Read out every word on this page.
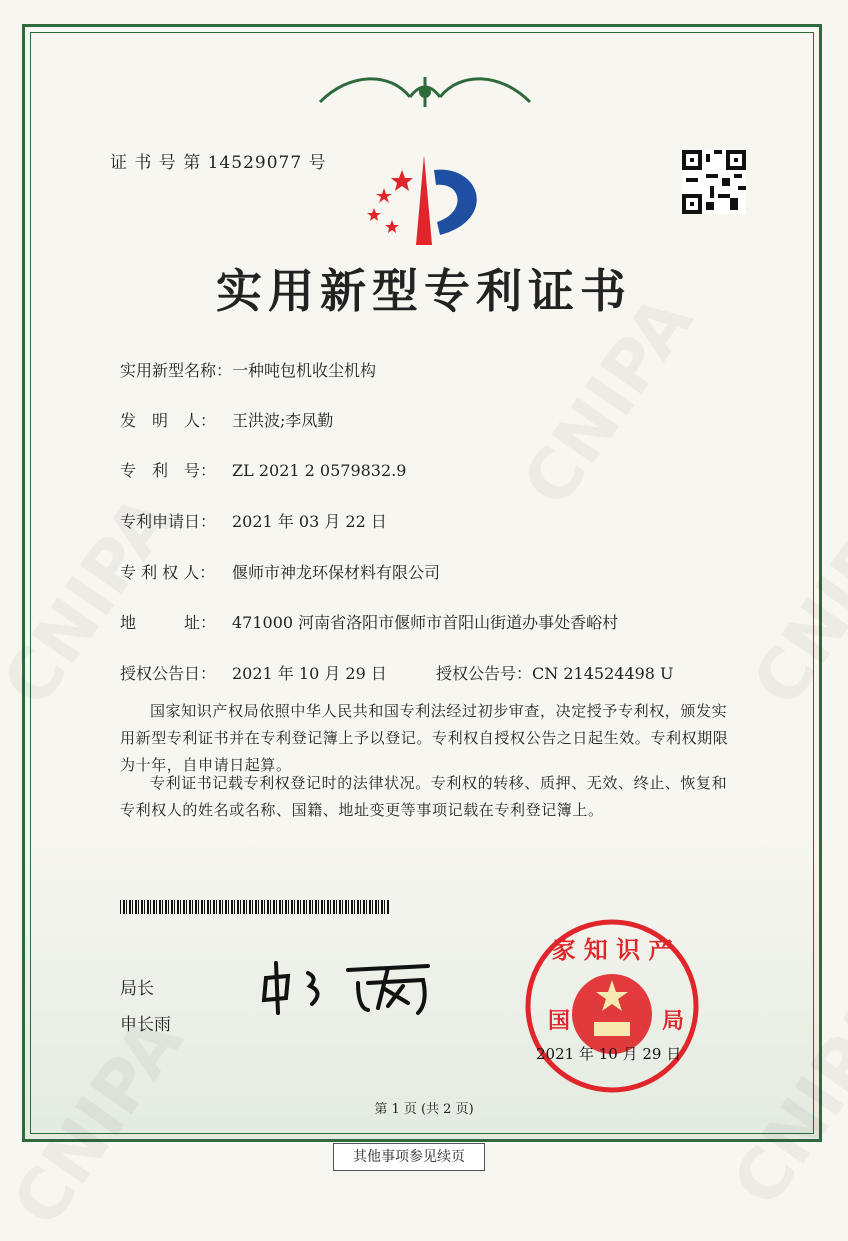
证 书 号 第 14529077 号
实用新型专利证书
实用新型名称：一种吨包机收尘机构
发　明　人： 王洪波;李凤勤
专　利　号： ZL 2021 2 0579832.9
专利申请日： 2021 年 03 月 22 日
专 利 权 人： 偃师市神龙环保材料有限公司
地　　　址： 471000 河南省洛阳市偃师市首阳山街道办事处香峪村
授权公告日： 2021 年 10 月 29 日	授权公告号：CN 214524498 U
国家知识产权局依照中华人民共和国专利法经过初步审查，决定授予专利权，颁发实用新型专利证书并在专利登记簿上予以登记。专利权自授权公告之日起生效。专利权期限为十年，自申请日起算。
专利证书记载专利权登记时的法律状况。专利权的转移、质押、无效、终止、恢复和专利权人的姓名或名称、国籍、地址变更等事项记载在专利登记簿上。
局长
申长雨
家 知 识 产
国	局
2021 年 10 月 29 日
第 1 页 (共 2 页)
其他事项参见续页
